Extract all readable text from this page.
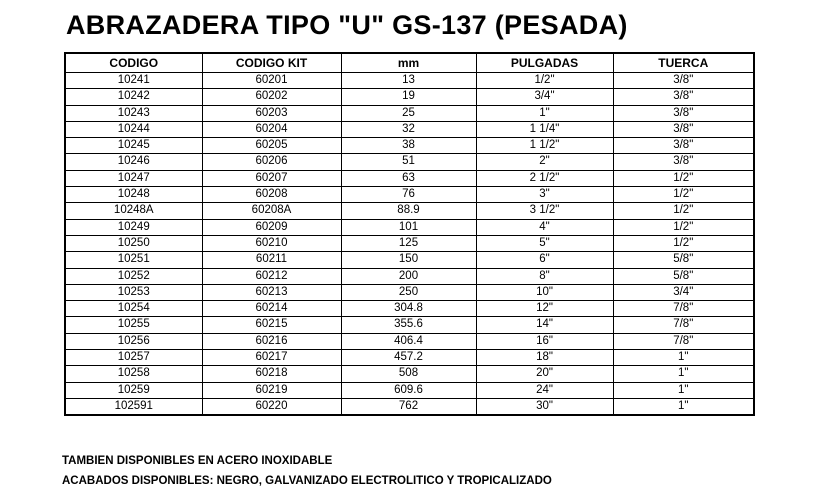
ABRAZADERA TIPO "U" GS-137 (PESADA)
CODIGO	CODIGO KIT	mm	PULGADAS	TUERCA
10241	60201	13	1/2"	3/8"
10242	60202	19	3/4"	3/8"
10243	60203	25	1"	3/8"
10244	60204	32	1 1/4"	3/8"
10245	60205	38	1 1/2"	3/8"
10246	60206	51	2"	3/8"
10247	60207	63	2 1/2"	1/2"
10248	60208	76	3"	1/2"
10248A	60208A	88.9	3 1/2"	1/2"
10249	60209	101	4"	1/2"
10250	60210	125	5"	1/2"
10251	60211	150	6"	5/8"
10252	60212	200	8"	5/8"
10253	60213	250	10"	3/4"
10254	60214	304.8	12"	7/8"
10255	60215	355.6	14"	7/8"
10256	60216	406.4	16"	7/8"
10257	60217	457.2	18"	1"
10258	60218	508	20"	1"
10259	60219	609.6	24"	1"
102591	60220	762	30"	1"
TAMBIEN DISPONIBLES EN ACERO INOXIDABLE
ACABADOS DISPONIBLES: NEGRO, GALVANIZADO ELECTROLITICO Y TROPICALIZADO
